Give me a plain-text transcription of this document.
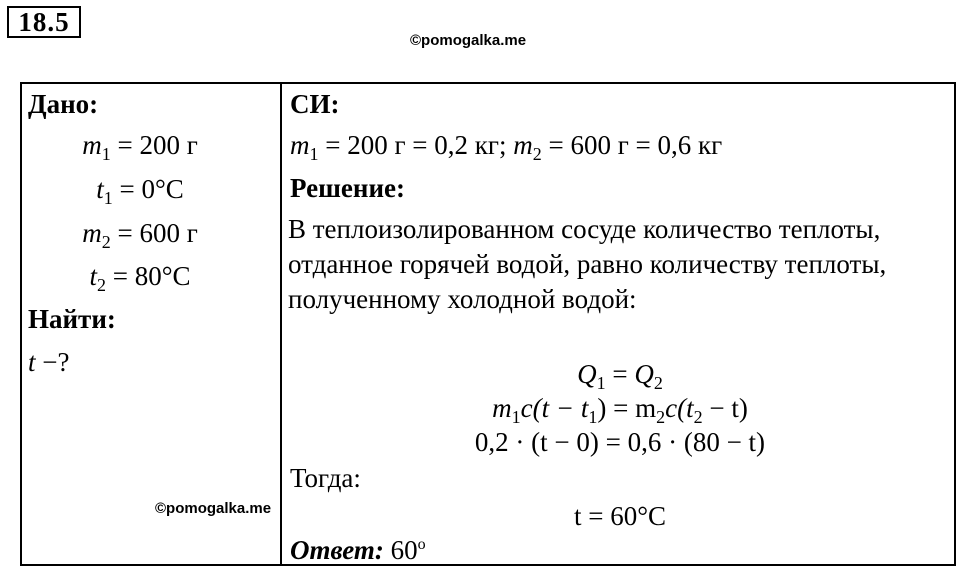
18.5
©pomogalka.me
Дано:
$m_1 = 200$ г
$t_1 = 0^\circ C$
$m_2 = 600$ г
$t_2 = 80^\circ C$
Найти:
t −?
СИ:
$m_1 = 200$ г = 0,2 кг; $m_2 = 600$ г = 0,6 кг
Решение:
В теплоизолированном сосуде количество теплоты, отданное горячей водой, равно количеству теплоты, полученному холодной водой:
$Q_1 = Q_2$
$m_1c(t - t_1) = m_2c(t_2 - t)$
0,2 · (t − 0) = 0,6 · (80 − t)
Тогда:
t = 60°C
Ответ: 60$^o$
©pomogalka.me
